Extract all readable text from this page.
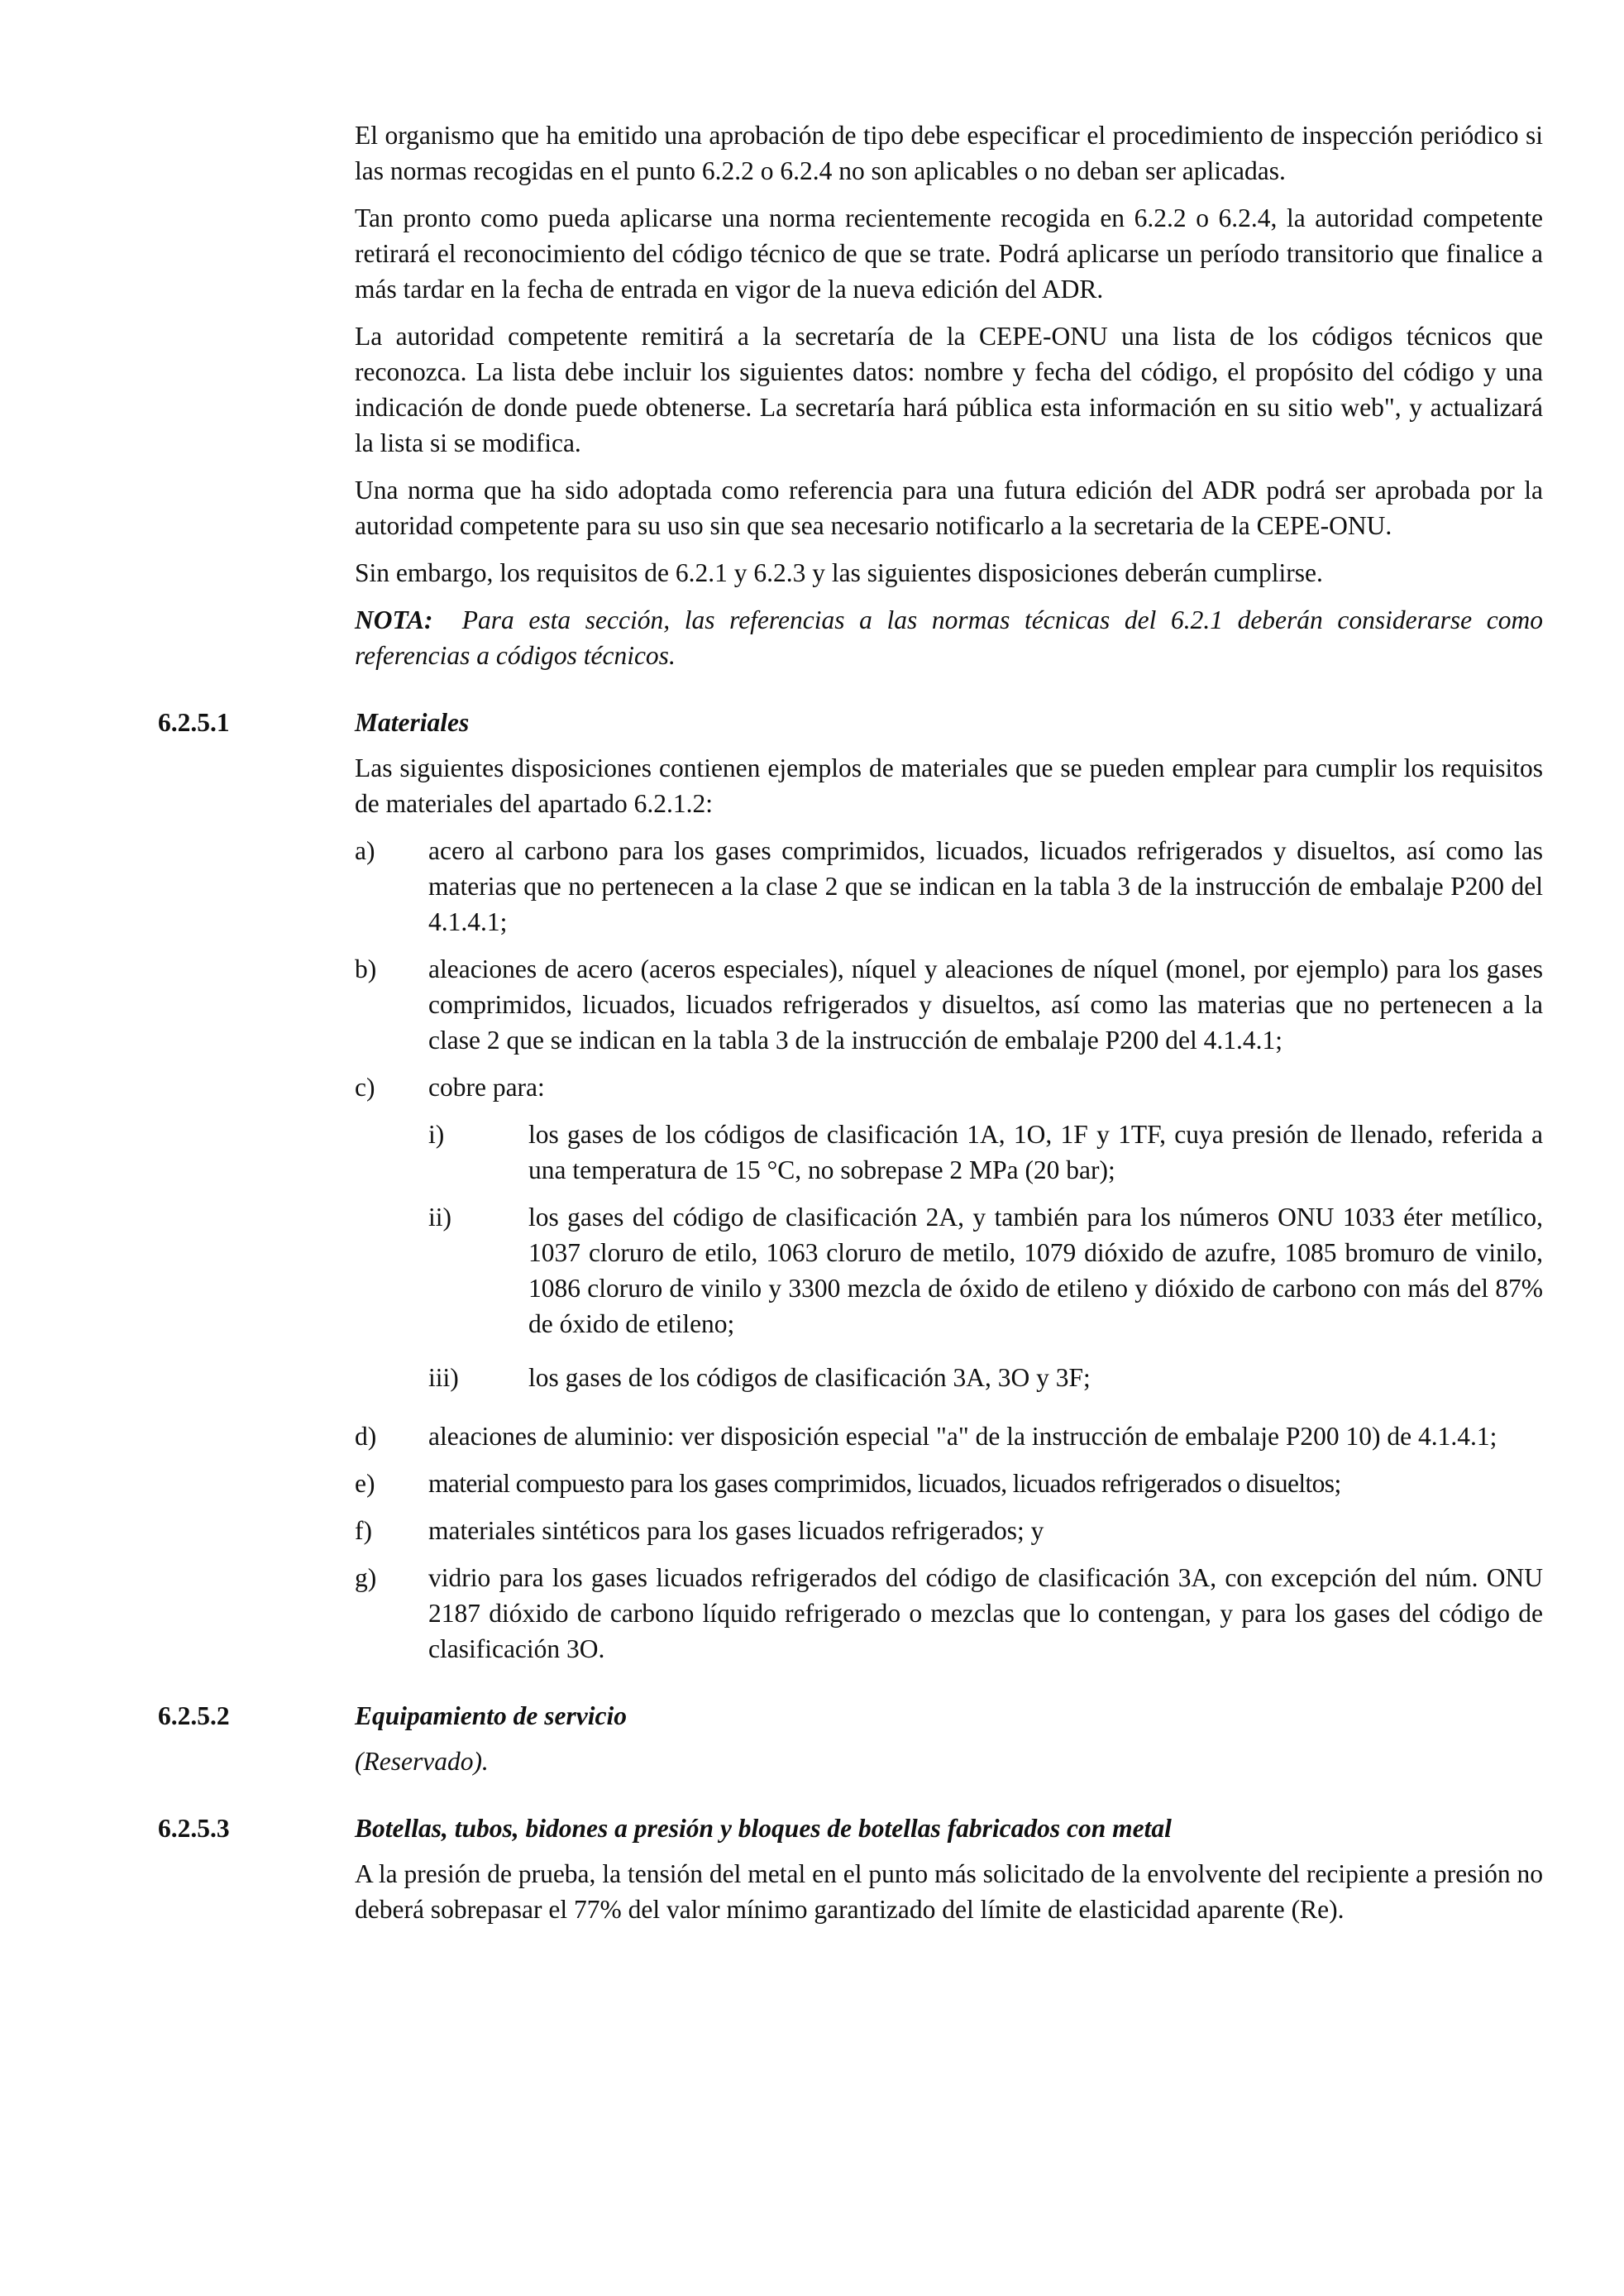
El organismo que ha emitido una aprobación de tipo debe especificar el procedimiento de inspección periódico si las normas recogidas en el punto 6.2.2 o 6.2.4 no son aplicables o no deban ser aplicadas.

Tan pronto como pueda aplicarse una norma recientemente recogida en 6.2.2 o 6.2.4, la autoridad competente retirará el reconocimiento del código técnico de que se trate. Podrá aplicarse un período transitorio que finalice a más tardar en la fecha de entrada en vigor de la nueva edición del ADR.

La autoridad competente remitirá a la secretaría de la CEPE-ONU una lista de los códigos técnicos que reconozca. La lista debe incluir los siguientes datos: nombre y fecha del código, el propósito del código y una indicación de donde puede obtenerse. La secretaría hará pública esta información en su sitio web", y actualizará la lista si se modifica.

Una norma que ha sido adoptada como referencia para una futura edición del ADR podrá ser aprobada por la autoridad competente para su uso sin que sea necesario notificarlo a la secretaria de la CEPE-ONU.

Sin embargo, los requisitos de 6.2.1 y 6.2.3 y las siguientes disposiciones deberán cumplirse.

NOTA: Para esta sección, las referencias a las normas técnicas del 6.2.1 deberán considerarse como referencias a códigos técnicos.

6.2.5.1	Materiales

Las siguientes disposiciones contienen ejemplos de materiales que se pueden emplear para cumplir los requisitos de materiales del apartado 6.2.1.2:

a)	acero al carbono para los gases comprimidos, licuados, licuados refrigerados y disueltos, así como las materias que no pertenecen a la clase 2 que se indican en la tabla 3 de la instrucción de embalaje P200 del 4.1.4.1;
b)	aleaciones de acero (aceros especiales), níquel y aleaciones de níquel (monel, por ejemplo) para los gases comprimidos, licuados, licuados refrigerados y disueltos, así como las materias que no pertenecen a la clase 2 que se indican en la tabla 3 de la instrucción de embalaje P200 del 4.1.4.1;
c)	cobre para:
i)	los gases de los códigos de clasificación 1A, 1O, 1F y 1TF, cuya presión de llenado, referida a una temperatura de 15 °C, no sobrepase 2 MPa (20 bar);
ii)	los gases del código de clasificación 2A, y también para los números ONU 1033 éter metílico, 1037 cloruro de etilo, 1063 cloruro de metilo, 1079 dióxido de azufre, 1085 bromuro de vinilo, 1086 cloruro de vinilo y 3300 mezcla de óxido de etileno y dióxido de carbono con más del 87% de óxido de etileno;
iii)	los gases de los códigos de clasificación 3A, 3O y 3F;
d)	aleaciones de aluminio: ver disposición especial "a" de la instrucción de embalaje P200 10) de 4.1.4.1;
e)	material compuesto para los gases comprimidos, licuados, licuados refrigerados o disueltos;
f)	materiales sintéticos para los gases licuados refrigerados; y
g)	vidrio para los gases licuados refrigerados del código de clasificación 3A, con excepción del núm. ONU 2187 dióxido de carbono líquido refrigerado o mezclas que lo contengan, y para los gases del código de clasificación 3O.
6.2.5.2	Equipamiento de servicio

(Reservado).

6.2.5.3	Botellas, tubos, bidones a presión y bloques de botellas fabricados con metal

A la presión de prueba, la tensión del metal en el punto más solicitado de la envolvente del recipiente a presión no deberá sobrepasar el 77% del valor mínimo garantizado del límite de elasticidad aparente (Re).
